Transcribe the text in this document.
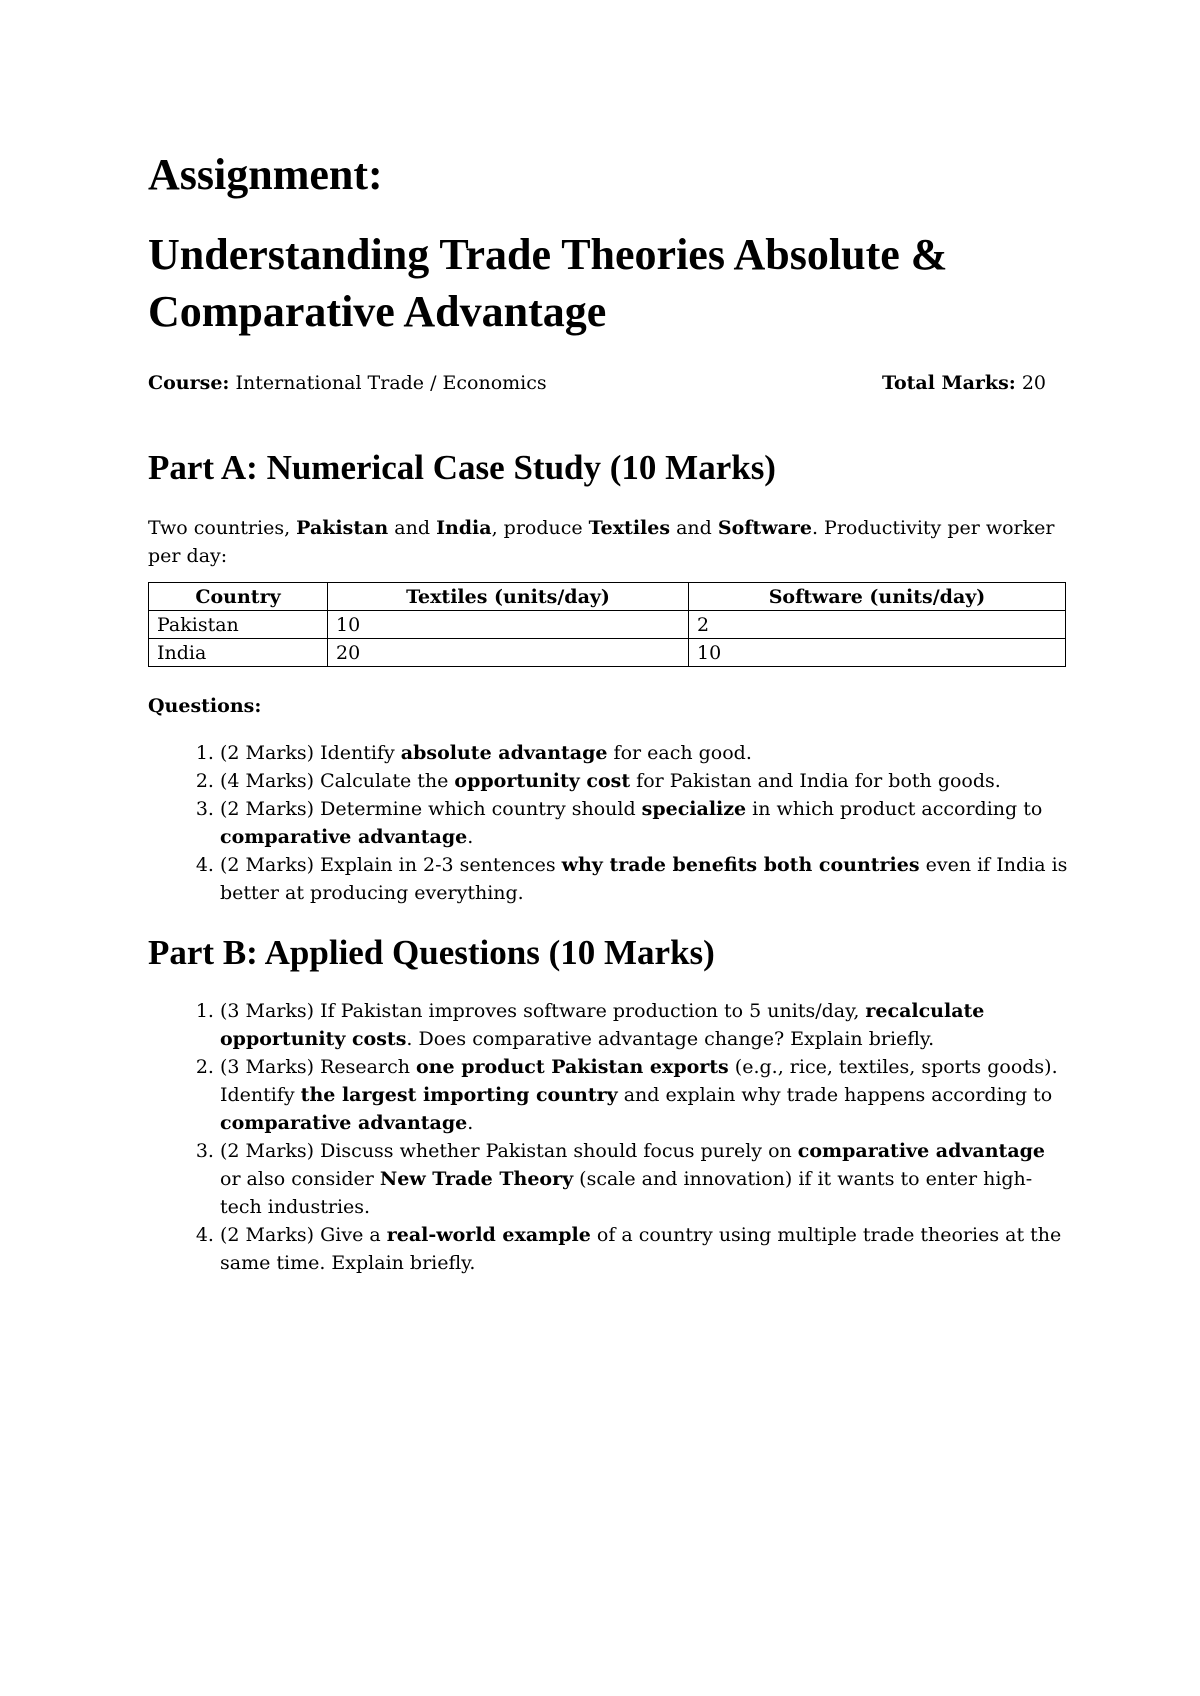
Assignment:
Understanding Trade Theories Absolute & Comparative Advantage
Course: International Trade / Economics	Total Marks: 20
Part A: Numerical Case Study (10 Marks)

Two countries, Pakistan and India, produce Textiles and Software. Productivity per worker per day:

Country	Textiles (units/day)	Software (units/day)
Pakistan	10	2
India	20	10
Questions:
1. (2 Marks) Identify absolute advantage for each good.
2. (4 Marks) Calculate the opportunity cost for Pakistan and India for both goods.
3. (2 Marks) Determine which country should specialize in which product according to comparative advantage.
4. (2 Marks) Explain in 2-3 sentences why trade benefits both countries even if India is better at producing everything.
Part B: Applied Questions (10 Marks)
1. (3 Marks) If Pakistan improves software production to 5 units/day, recalculate opportunity costs. Does comparative advantage change? Explain briefly.
2. (3 Marks) Research one product Pakistan exports (e.g., rice, textiles, sports goods). Identify the largest importing country and explain why trade happens according to comparative advantage.
3. (2 Marks) Discuss whether Pakistan should focus purely on comparative advantage or also consider New Trade Theory (scale and innovation) if it wants to enter high-tech industries.
4. (2 Marks) Give a real-world example of a country using multiple trade theories at the same time. Explain briefly.
